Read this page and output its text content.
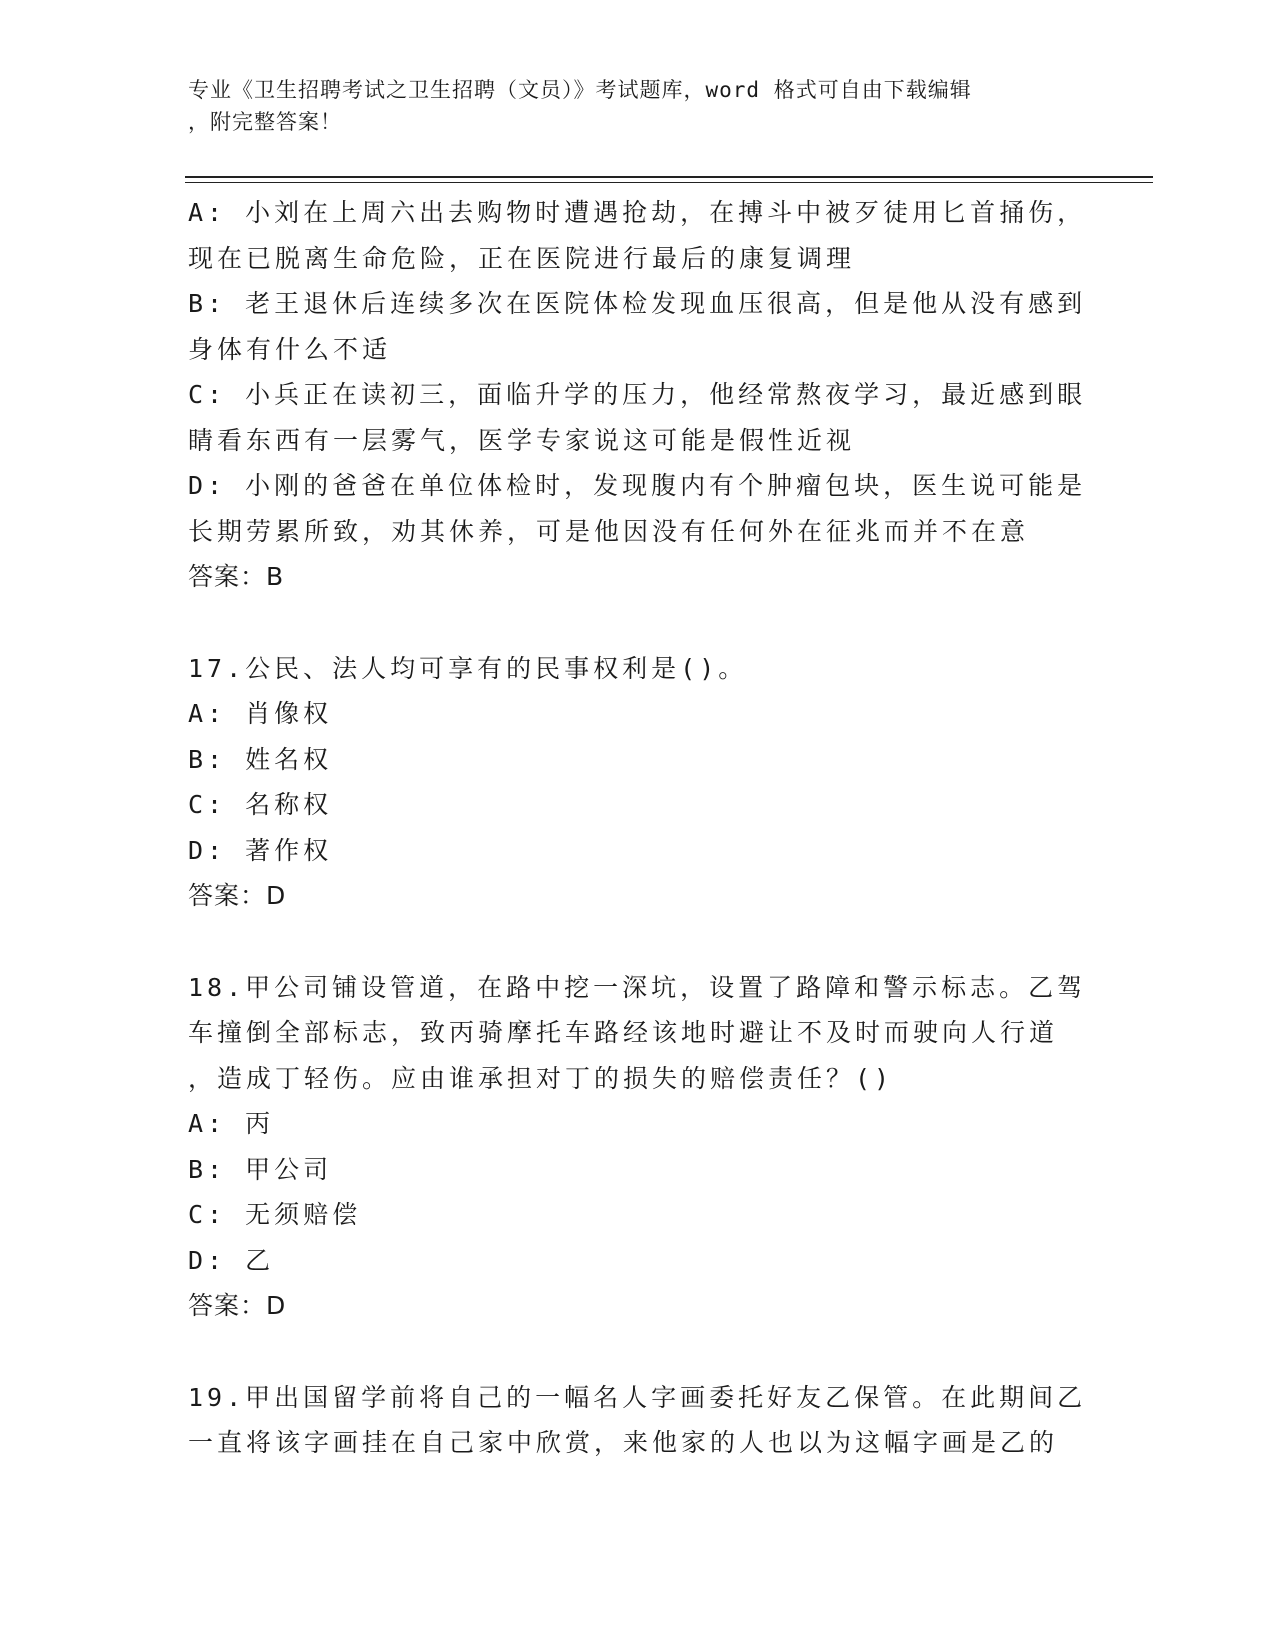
专业《卫生招聘考试之卫生招聘（文员）》考试题库，word 格式可自由下载编辑
，附完整答案！

A: 小刘在上周六出去购物时遭遇抢劫，在搏斗中被歹徒用匕首捅伤，

现在已脱离生命危险，正在医院进行最后的康复调理

B: 老王退休后连续多次在医院体检发现血压很高，但是他从没有感到

身体有什么不适

C: 小兵正在读初三，面临升学的压力，他经常熬夜学习，最近感到眼

睛看东西有一层雾气，医学专家说这可能是假性近视

D: 小刚的爸爸在单位体检时，发现腹内有个肿瘤包块，医生说可能是

长期劳累所致，劝其休养，可是他因没有任何外在征兆而并不在意

答案：B

17.公民、法人均可享有的民事权利是()。

A: 肖像权

B: 姓名权

C: 名称权

D: 著作权

答案：D

18.甲公司铺设管道，在路中挖一深坑，设置了路障和警示标志。乙驾

车撞倒全部标志，致丙骑摩托车路经该地时避让不及时而驶向人行道

，造成丁轻伤。应由谁承担对丁的损失的赔偿责任？()

A: 丙

B: 甲公司

C: 无须赔偿

D: 乙

答案：D

19.甲出国留学前将自己的一幅名人字画委托好友乙保管。在此期间乙

一直将该字画挂在自己家中欣赏，来他家的人也以为这幅字画是乙的
